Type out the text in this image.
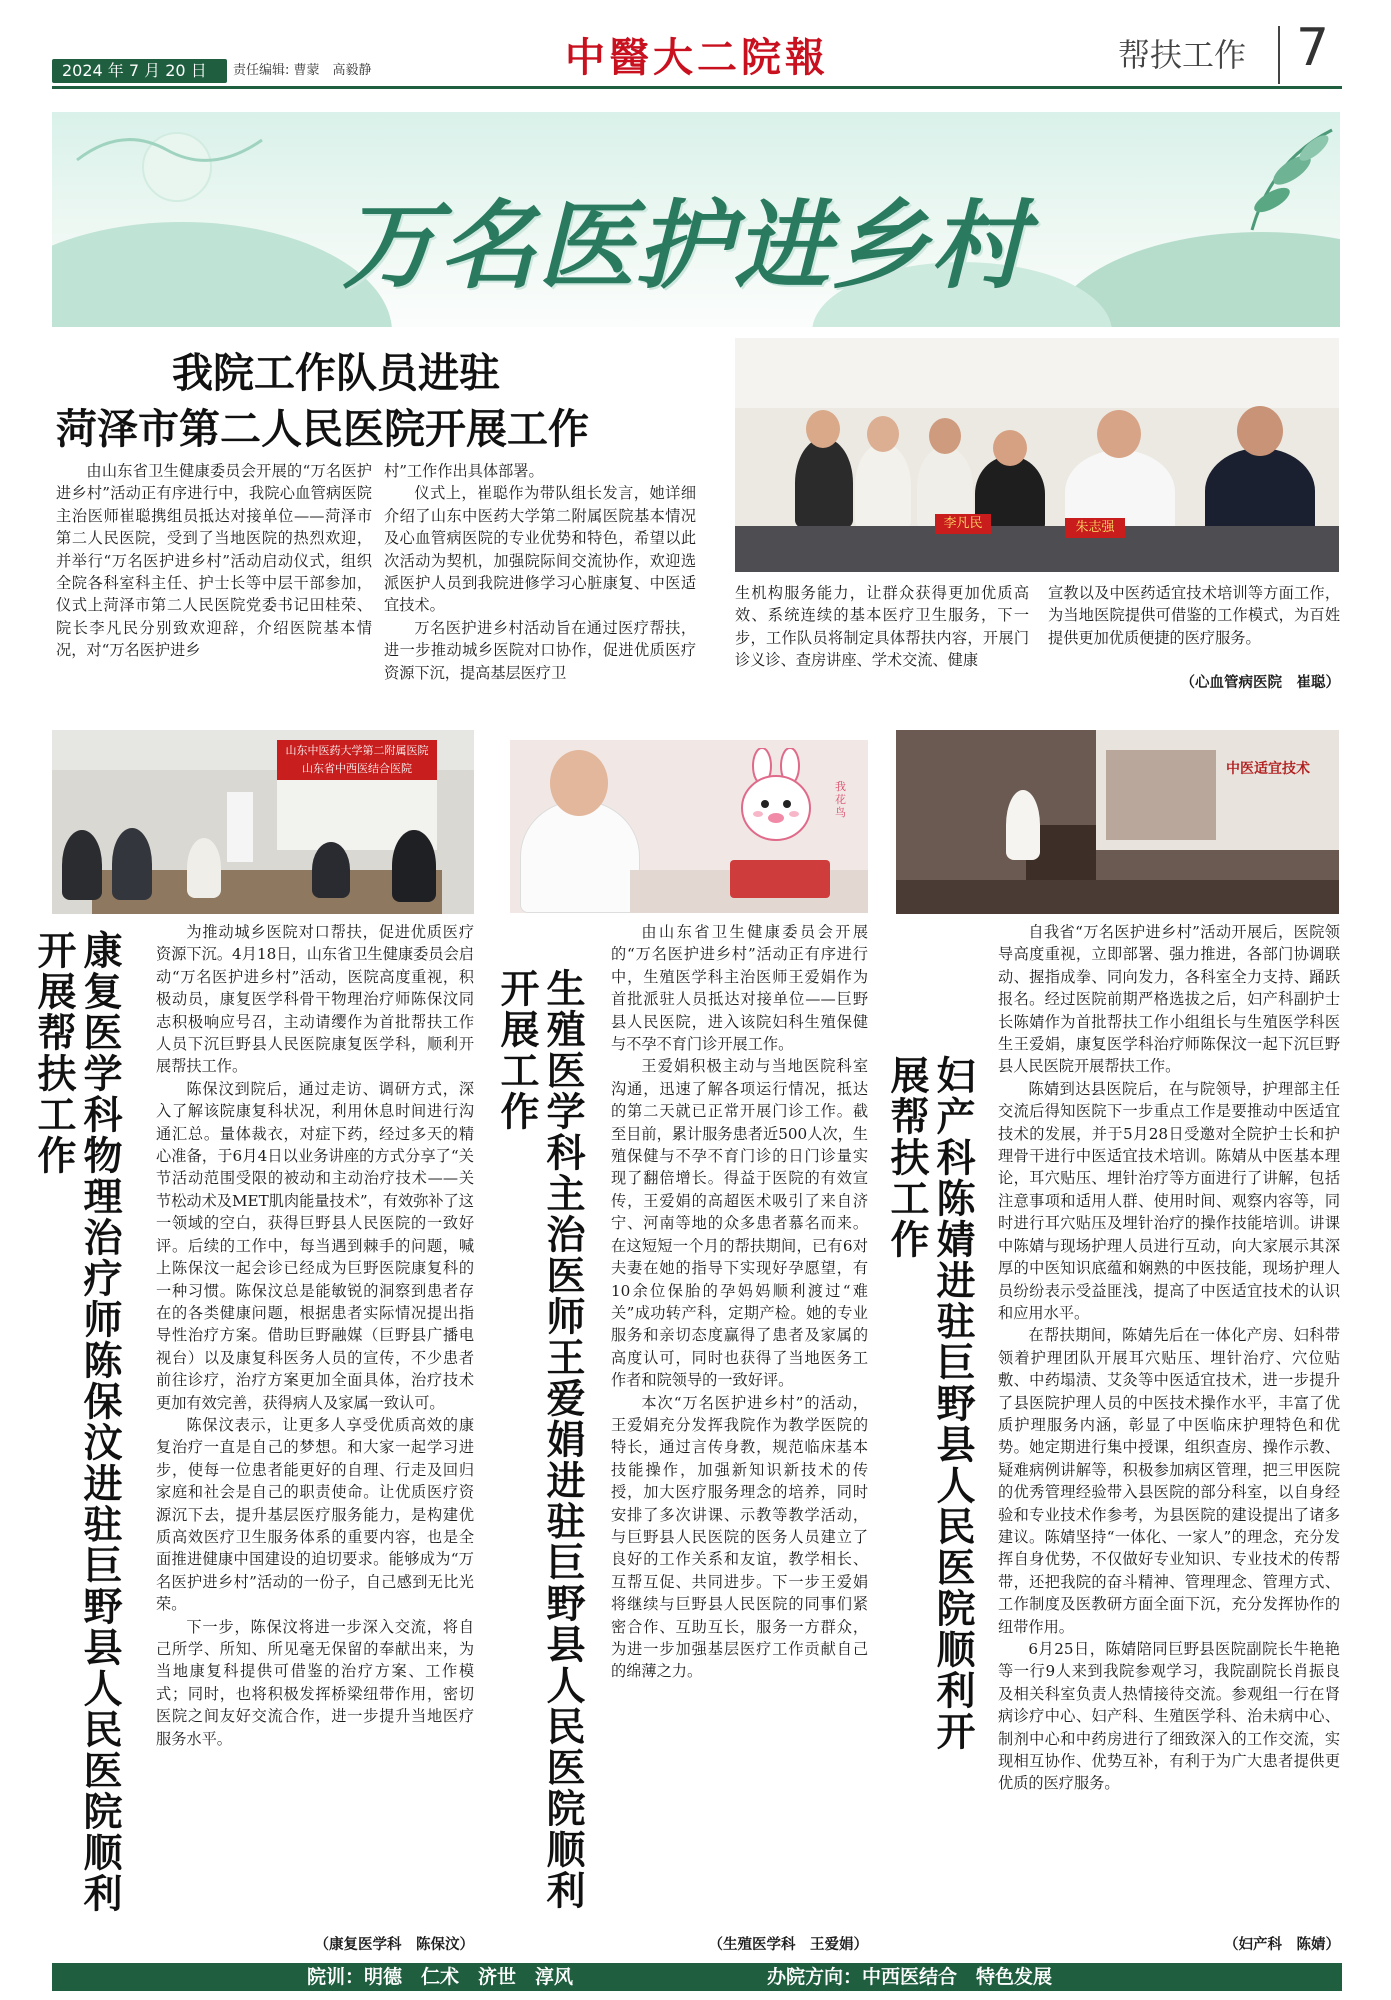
2024 年 7 月 20 日	责任编辑: 曹蒙　高毅静	中醫大二院報	帮扶工作 7
万名医护进乡村
我院工作队员进驻
菏泽市第二人民医院开展工作

由山东省卫生健康委员会开展的“万名医护进乡村”活动正有序进行中，我院心血管病医院主治医师崔聪携组员抵达对接单位——菏泽市第二人民医院，受到了当地医院的热烈欢迎，并举行“万名医护进乡村”活动启动仪式，组织全院各科室科主任、护士长等中层干部参加，仪式上菏泽市第二人民医院党委书记田桂荣、院长李凡民分别致欢迎辞，介绍医院基本情况，对“万名医护进乡

村”工作作出具体部署。

仪式上，崔聪作为带队组长发言，她详细介绍了山东中医药大学第二附属医院基本情况及心血管病医院的专业优势和特色，希望以此次活动为契机，加强院际间交流协作，欢迎选派医护人员到我院进修学习心脏康复、中医适宜技术。

万名医护进乡村活动旨在通过医疗帮扶，进一步推动城乡医院对口协作，促进优质医疗资源下沉，提高基层医疗卫

李凡民	朱志强

生机构服务能力，让群众获得更加优质高效、系统连续的基本医疗卫生服务，下一步，工作队员将制定具体帮扶内容，开展门诊义诊、查房讲座、学术交流、健康

宣教以及中医药适宜技术培训等方面工作，为当地医院提供可借鉴的工作模式，为百姓提供更加优质便捷的医疗服务。

（心血管病医院　崔聪）
山东中医药大学第二附属医院
山东省中西医结合医院
康复医学科物理治疗师陈保汶进驻巨野县人民医院顺利开展帮扶工作	为推动城乡医院对口帮扶，促进优质医疗资源下沉。4月18日，山东省卫生健康委员会启动“万名医护进乡村”活动，医院高度重视，积极动员，康复医学科骨干物理治疗师陈保汶同志积极响应号召，主动请缨作为首批帮扶工作人员下沉巨野县人民医院康复医学科，顺利开展帮扶工作。

陈保汶到院后，通过走访、调研方式，深入了解该院康复科状况，利用休息时间进行沟通汇总。量体裁衣，对症下药，经过多天的精心准备，于6月4日以业务讲座的方式分享了“关节活动范围受限的被动和主动治疗技术——关节松动术及MET肌肉能量技术”，有效弥补了这一领域的空白，获得巨野县人民医院的一致好评。后续的工作中，每当遇到棘手的问题，喊上陈保汶一起会诊已经成为巨野医院康复科的一种习惯。陈保汶总是能敏锐的洞察到患者存在的各类健康问题，根据患者实际情况提出指导性治疗方案。借助巨野融媒（巨野县广播电视台）以及康复科医务人员的宣传，不少患者前往诊疗，治疗方案更加全面具体，治疗技术更加有效完善，获得病人及家属一致认可。

陈保汶表示，让更多人享受优质高效的康复治疗一直是自己的梦想。和大家一起学习进步，使每一位患者能更好的自理、行走及回归家庭和社会是自己的职责使命。让优质医疗资源沉下去，提升基层医疗服务能力，是构建优质高效医疗卫生服务体系的重要内容，也是全面推进健康中国建设的迫切要求。能够成为“万名医护进乡村”活动的一份子，自己感到无比光荣。

下一步，陈保汶将进一步深入交流，将自己所学、所知、所见毫无保留的奉献出来，为当地康复科提供可借鉴的治疗方案、工作模式；同时，也将积极发挥桥梁纽带作用，密切医院之间友好交流合作，进一步提升当地医疗服务水平。

（康复医学科　陈保汶）
我花鸟
生殖医学科主治医师王爱娟进驻巨野县人民医院顺利开展工作

由山东省卫生健康委员会开展的“万名医护进乡村”活动正有序进行中，生殖医学科主治医师王爱娟作为首批派驻人员抵达对接单位——巨野县人民医院，进入该院妇科生殖保健与不孕不育门诊开展工作。

王爱娟积极主动与当地医院科室沟通，迅速了解各项运行情况，抵达的第二天就已正常开展门诊工作。截至目前，累计服务患者近500人次，生殖保健与不孕不育门诊的日门诊量实现了翻倍增长。得益于医院的有效宣传，王爱娟的高超医术吸引了来自济宁、河南等地的众多患者慕名而来。在这短短一个月的帮扶期间，已有6对夫妻在她的指导下实现好孕愿望，有10余位保胎的孕妈妈顺利渡过“难关”成功转产科，定期产检。她的专业服务和亲切态度赢得了患者及家属的高度认可，同时也获得了当地医务工作者和院领导的一致好评。

本次“万名医护进乡村”的活动，王爱娟充分发挥我院作为教学医院的特长，通过言传身教，规范临床基本技能操作，加强新知识新技术的传授，加大医疗服务理念的培养，同时安排了多次讲课、示教等教学活动，与巨野县人民医院的医务人员建立了良好的工作关系和友谊，教学相长、互帮互促、共同进步。下一步王爱娟将继续与巨野县人民医院的同事们紧密合作、互助互长，服务一方群众，为进一步加强基层医疗工作贡献自己的绵薄之力。

（生殖医学科　王爱娟）
中医适宜技术
妇产科陈婧进驻巨野县人民医院顺利开展帮扶工作

自我省“万名医护进乡村”活动开展后，医院领导高度重视，立即部署、强力推进，各部门协调联动、握指成拳、同向发力，各科室全力支持、踊跃报名。经过医院前期严格选拔之后，妇产科副护士长陈婧作为首批帮扶工作小组组长与生殖医学科医生王爱娟，康复医学科治疗师陈保汶一起下沉巨野县人民医院开展帮扶工作。

陈婧到达县医院后，在与院领导，护理部主任交流后得知医院下一步重点工作是要推动中医适宜技术的发展，并于5月28日受邀对全院护士长和护理骨干进行中医适宜技术培训。陈婧从中医基本理论，耳穴贴压、埋针治疗等方面进行了讲解，包括注意事项和适用人群、使用时间、观察内容等，同时进行耳穴贴压及埋针治疗的操作技能培训。讲课中陈婧与现场护理人员进行互动，向大家展示其深厚的中医知识底蕴和娴熟的中医技能，现场护理人员纷纷表示受益匪浅，提高了中医适宜技术的认识和应用水平。

在帮扶期间，陈婧先后在一体化产房、妇科带领着护理团队开展耳穴贴压、埋针治疗、穴位贴敷、中药塌渍、艾灸等中医适宜技术，进一步提升了县医院护理人员的中医技术操作水平，丰富了优质护理服务内涵，彰显了中医临床护理特色和优势。她定期进行集中授课，组织查房、操作示教、疑难病例讲解等，积极参加病区管理，把三甲医院的优秀管理经验带入县医院的部分科室，以自身经验和专业技术作参考，为县医院的建设提出了诸多建议。陈婧坚持“一体化、一家人”的理念，充分发挥自身优势，不仅做好专业知识、专业技术的传帮带，还把我院的奋斗精神、管理理念、管理方式、工作制度及医教研方面全面下沉，充分发挥协作的纽带作用。

6月25日，陈婧陪同巨野县医院副院长牛艳艳等一行9人来到我院参观学习，我院副院长肖振良及相关科室负责人热情接待交流。参观组一行在肾病诊疗中心、妇产科、生殖医学科、治未病中心、制剂中心和中药房进行了细致深入的工作交流，实现相互协作、优势互补，有利于为广大患者提供更优质的医疗服务。

（妇产科　陈婧）
院训：明德　仁术　济世　淳风	办院方向：中西医结合　特色发展
